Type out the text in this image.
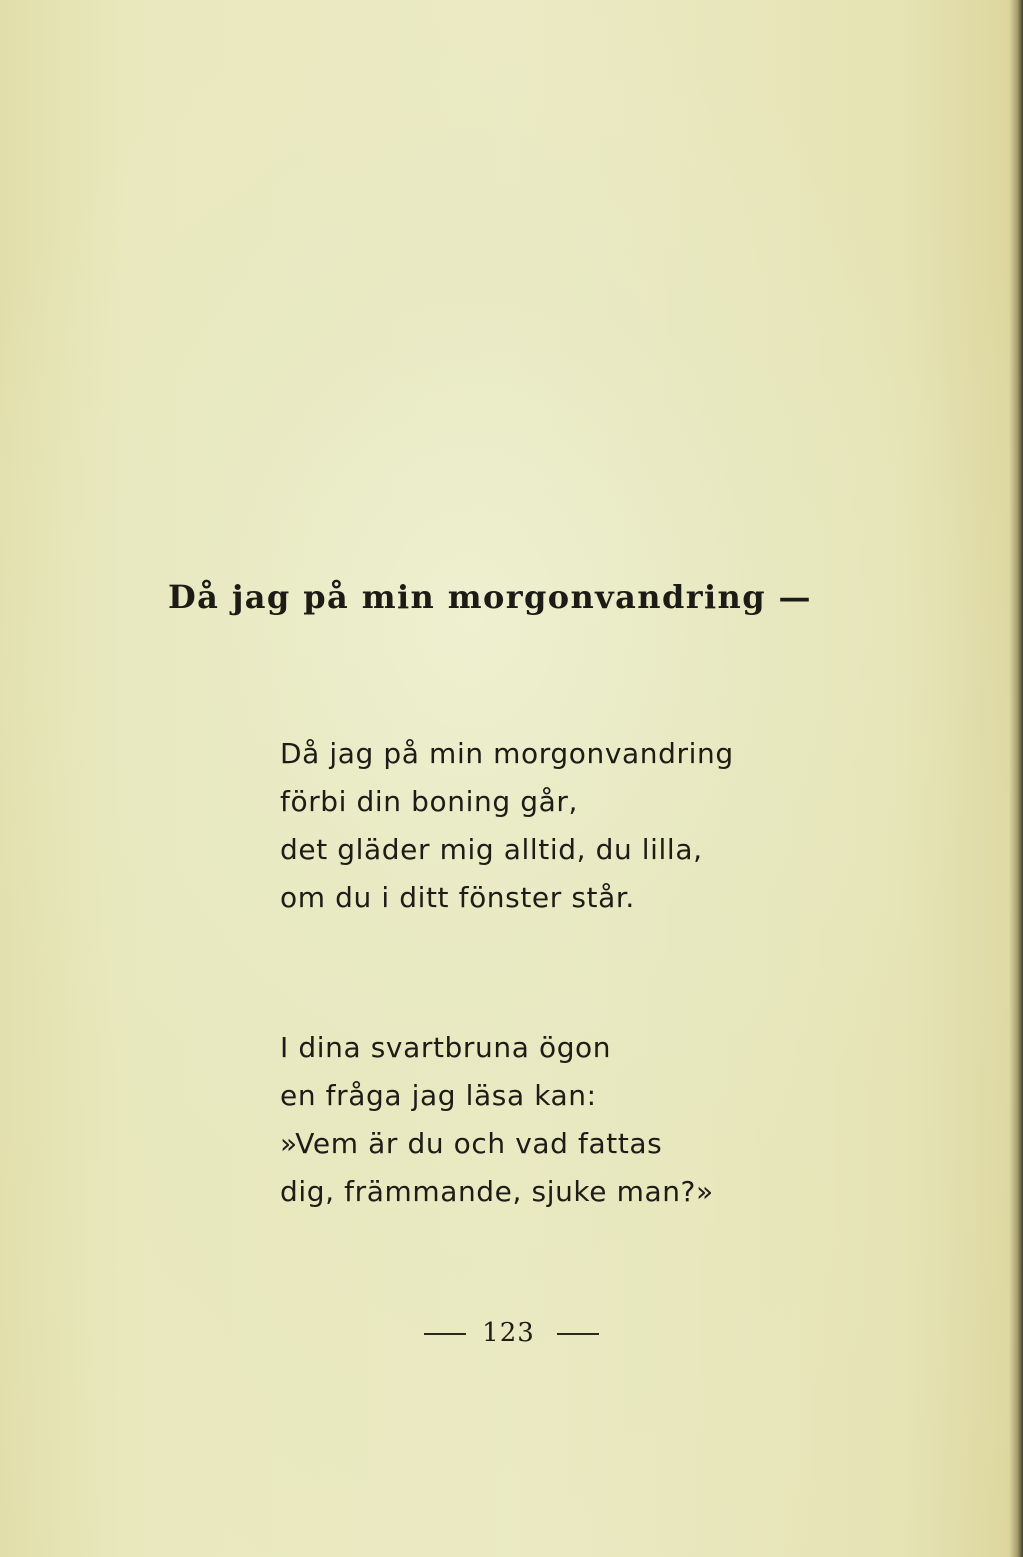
Då jag på min morgonvandring —
Då jag på min morgonvandring
förbi din boning går,
det gläder mig alltid, du lilla,
om du i ditt fönster står.
I dina svartbruna ögon
en fråga jag läsa kan:
»Vem är du och vad fattas
dig, främmande, sjuke man?»
123
